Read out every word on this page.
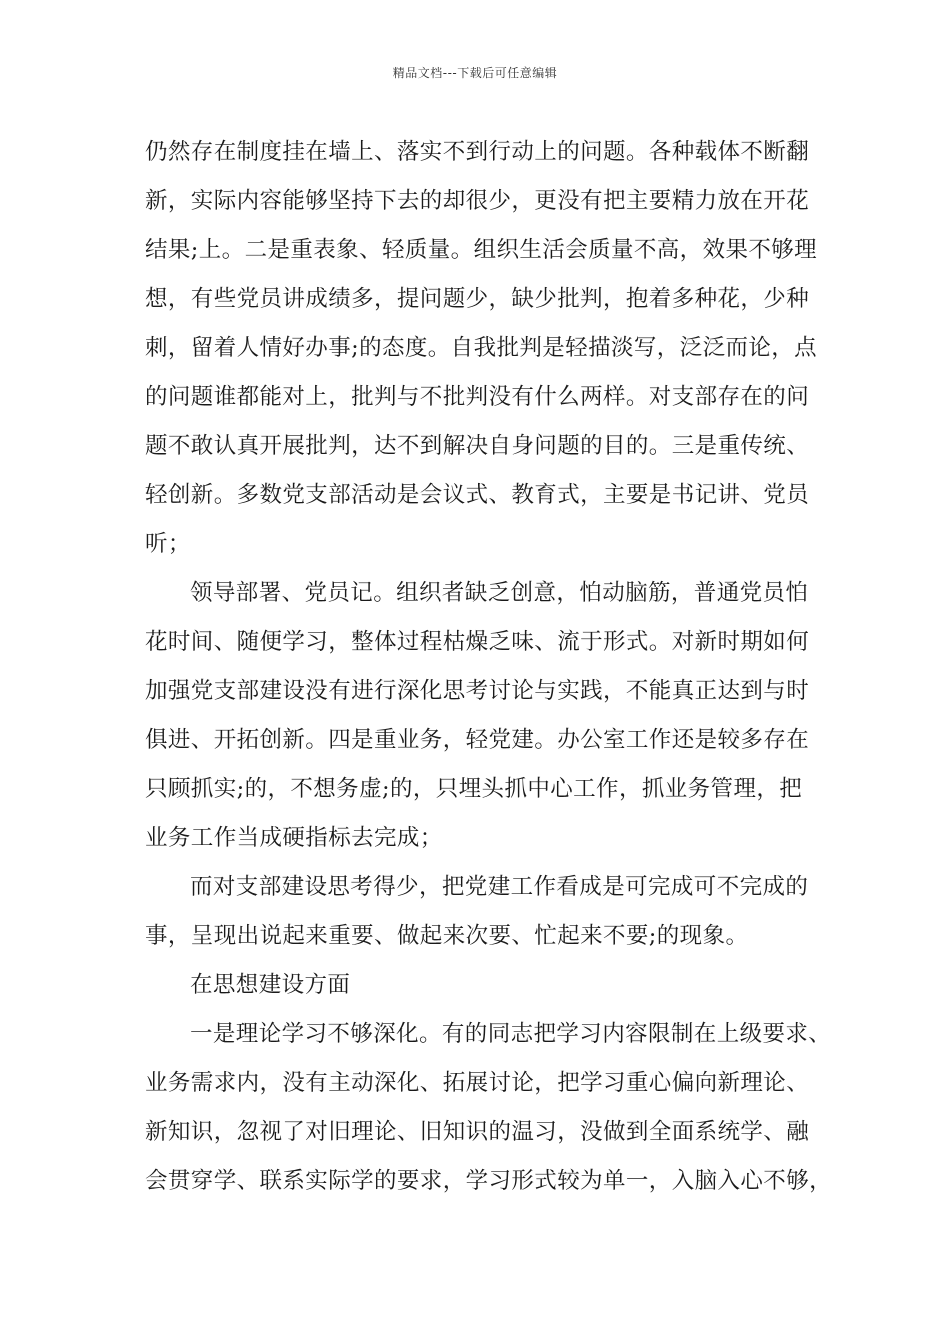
精品文档---下载后可任意编辑
仍然存在制度挂在墙上、落实不到行动上的问题。各种载体不断翻
新，实际内容能够坚持下去的却很少，更没有把主要精力放在开花
结果;上。二是重表象、轻质量。组织生活会质量不高，效果不够理
想，有些党员讲成绩多，提问题少，缺少批判，抱着多种花，少种
刺，留着人情好办事;的态度。自我批判是轻描淡写，泛泛而论，点
的问题谁都能对上，批判与不批判没有什么两样。对支部存在的问
题不敢认真开展批判，达不到解决自身问题的目的。三是重传统、
轻创新。多数党支部活动是会议式、教育式，主要是书记讲、党员
听；
领导部署、党员记。组织者缺乏创意，怕动脑筋，普通党员怕
花时间、随便学习，整体过程枯燥乏味、流于形式。对新时期如何
加强党支部建设没有进行深化思考讨论与实践，不能真正达到与时
俱进、开拓创新。四是重业务，轻党建。办公室工作还是较多存在
只顾抓实;的，不想务虚;的，只埋头抓中心工作，抓业务管理，把
业务工作当成硬指标去完成；
而对支部建设思考得少，把党建工作看成是可完成可不完成的
事，呈现出说起来重要、做起来次要、忙起来不要;的现象。
在思想建设方面
一是理论学习不够深化。有的同志把学习内容限制在上级要求、
业务需求内，没有主动深化、拓展讨论，把学习重心偏向新理论、
新知识，忽视了对旧理论、旧知识的温习，没做到全面系统学、融
会贯穿学、联系实际学的要求，学习形式较为单一，入脑入心不够，
